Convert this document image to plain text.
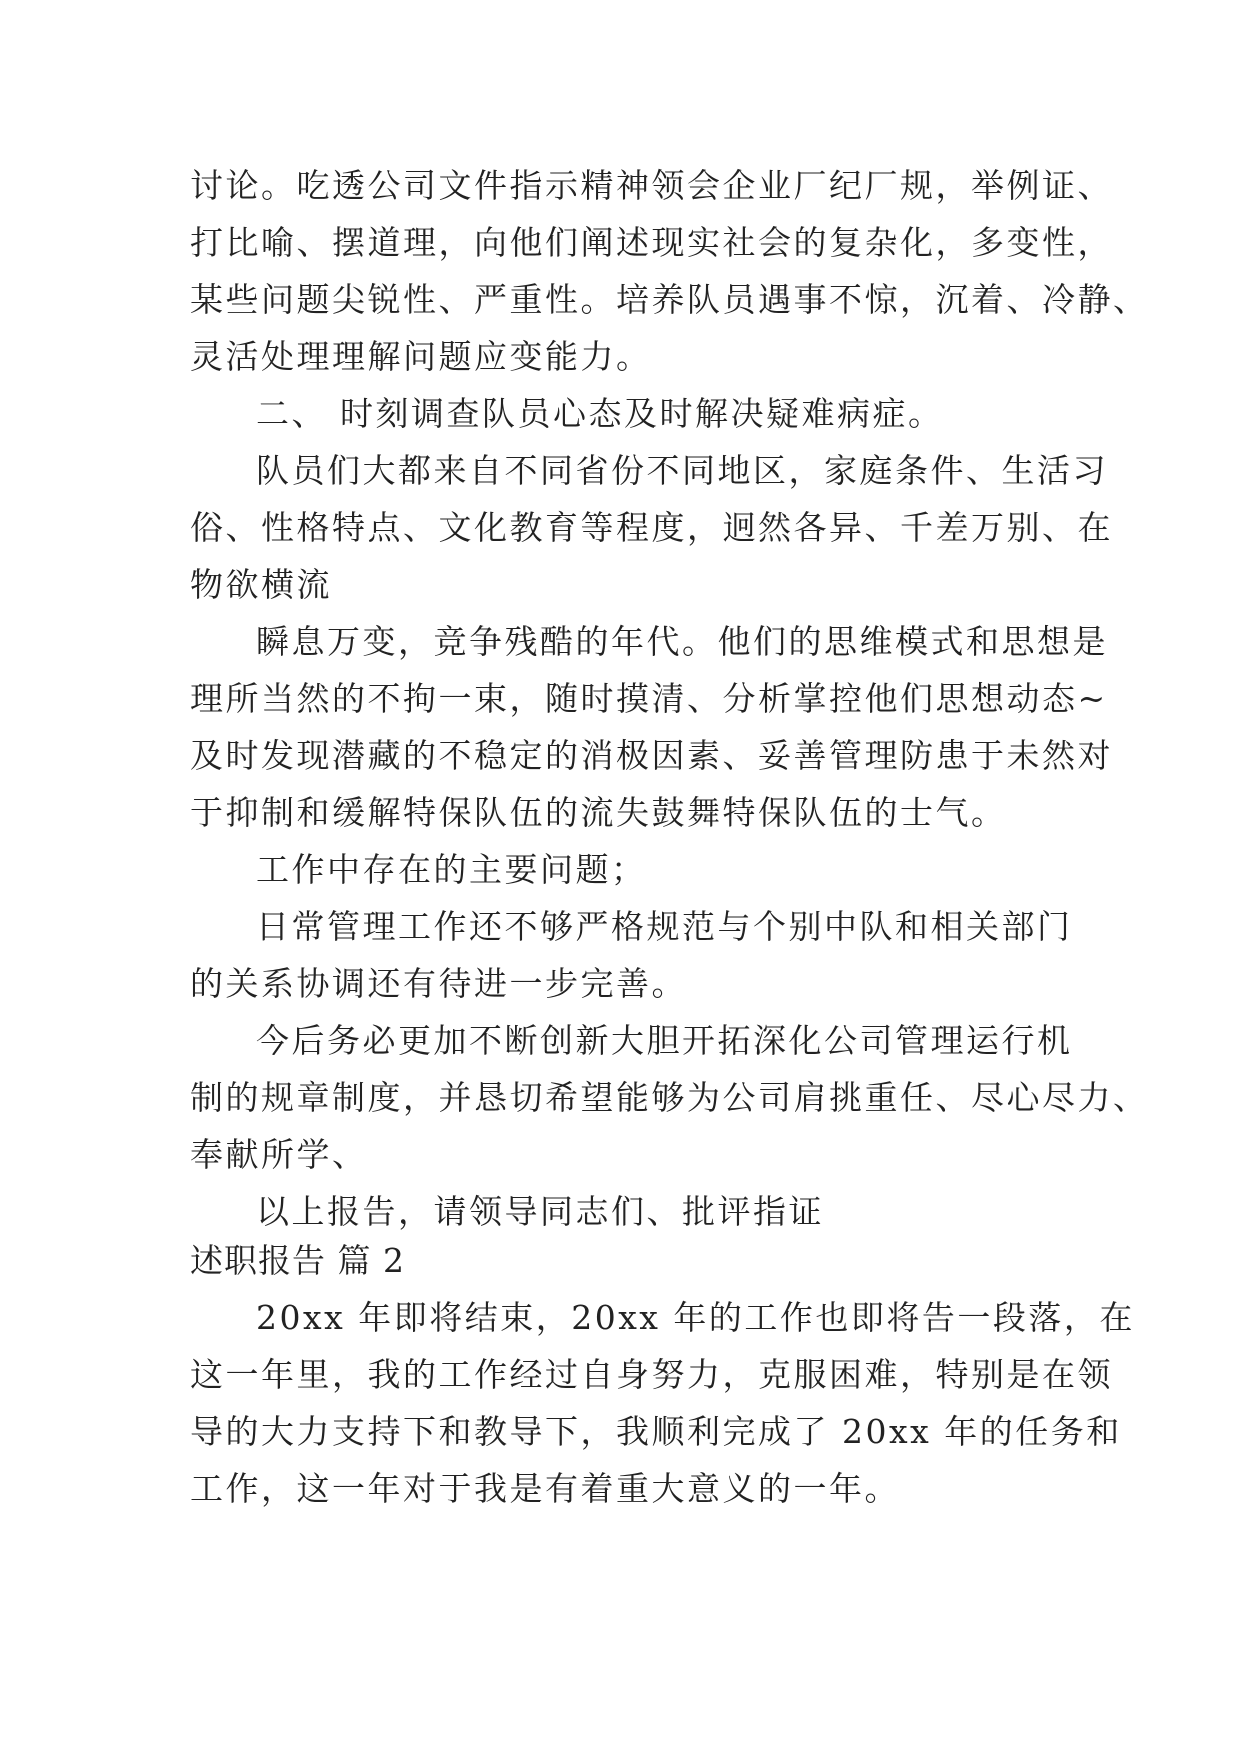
讨论。吃透公司文件指示精神领会企业厂纪厂规，举例证、
打比喻、摆道理，向他们阐述现实社会的复杂化，多变性，
某些问题尖锐性、严重性。培养队员遇事不惊，沉着、冷静、
灵活处理理解问题应变能力。
二、 时刻调查队员心态及时解决疑难病症。
队员们大都来自不同省份不同地区，家庭条件、生活习
俗、性格特点、文化教育等程度，迥然各异、千差万别、在
物欲横流
瞬息万变，竞争残酷的年代。他们的思维模式和思想是
理所当然的不拘一束，随时摸清、分析掌控他们思想动态~
及时发现潜藏的不稳定的消极因素、妥善管理防患于未然对
于抑制和缓解特保队伍的流失鼓舞特保队伍的士气。
工作中存在的主要问题；
日常管理工作还不够严格规范与个别中队和相关部门
的关系协调还有待进一步完善。
今后务必更加不断创新大胆开拓深化公司管理运行机
制的规章制度，并恳切希望能够为公司肩挑重任、尽心尽力、
奉献所学、
以上报告，请领导同志们、批评指证
述职报告 篇 2
20xx 年即将结束，20xx 年的工作也即将告一段落，在
这一年里，我的工作经过自身努力，克服困难，特别是在领
导的大力支持下和教导下，我顺利完成了 20xx 年的任务和
工作，这一年对于我是有着重大意义的一年。
